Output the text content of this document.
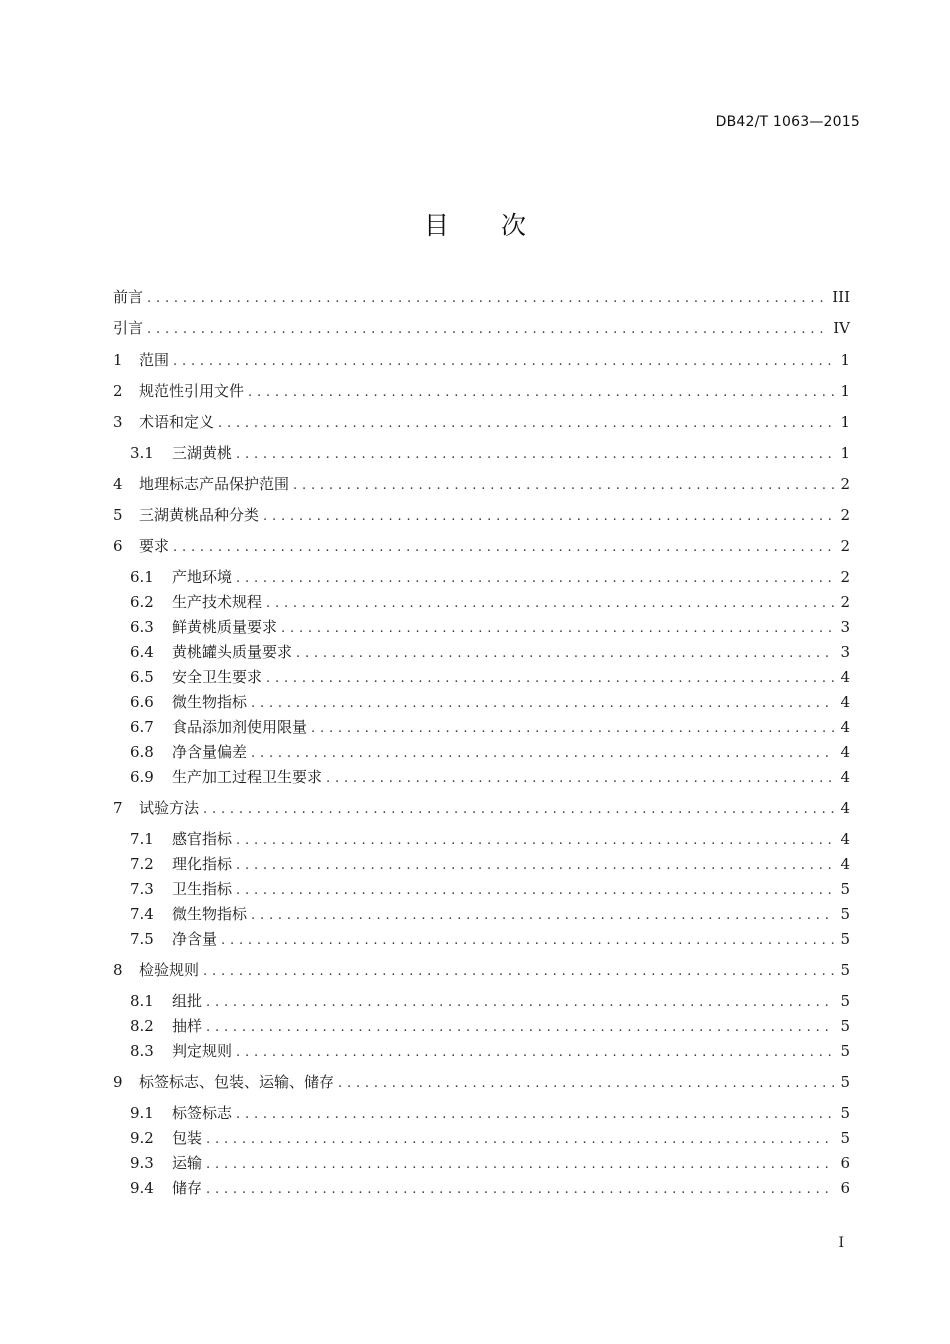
DB42/T 1063—2015
目 次
前言 . . .	III
引言 . . .	IV
1	范围 . . .	1
2	规范性引用文件 . . .	1
3	术语和定义 . . .	1
3.1	三湖黄桃 . . .	1
4	地理标志产品保护范围 . . .	2
5	三湖黄桃品种分类 . . .	2
6	要求 . . .	2
6.1	产地环境 . . .	2
6.2	生产技术规程 . . .	2
6.3	鲜黄桃质量要求 . . .	3
6.4	黄桃罐头质量要求 . . .	3
6.5	安全卫生要求 . . .	4
6.6	微生物指标 . . .	4
6.7	食品添加剂使用限量 . . .	4
6.8	净含量偏差 . . .	4
6.9	生产加工过程卫生要求 . . .	4
7	试验方法 . . .	4
7.1	感官指标 . . .	4
7.2	理化指标 . . .	4
7.3	卫生指标 . . .	5
7.4	微生物指标 . . .	5
7.5	净含量 . . .	5
8	检验规则 . . .	5
8.1	组批 . . .	5
8.2	抽样 . . .	5
8.3	判定规则 . . .	5
9	标签标志、包装、运输、储存 . . .	5
9.1	标签标志 . . .	5
9.2	包装 . . .	5
9.3	运输 . . .	6
9.4	储存 . . .	6
I
